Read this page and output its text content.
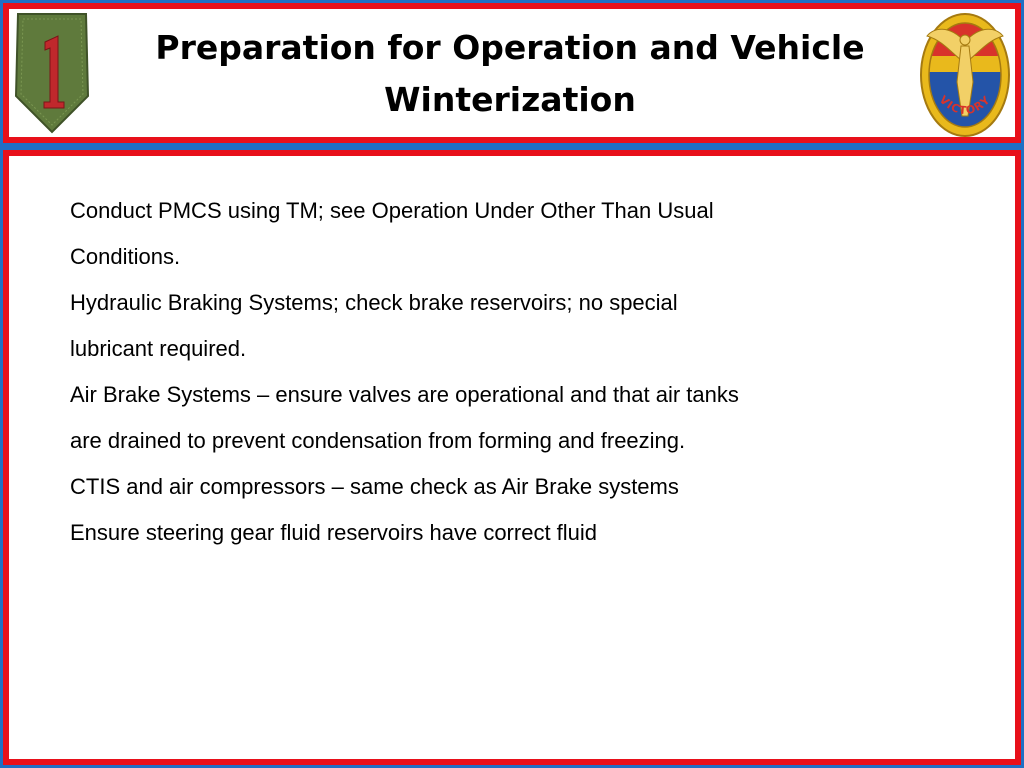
VICTORY
Preparation for Operation and Vehicle
Winterization

Conduct PMCS using TM; see Operation Under Other Than Usual

Conditions.

Hydraulic Braking Systems; check brake reservoirs; no special

lubricant required.

Air Brake Systems – ensure valves are operational and that air tanks

are drained to prevent condensation from forming and freezing.

CTIS and air compressors – same check as Air Brake systems

Ensure steering gear fluid reservoirs have correct fluid
